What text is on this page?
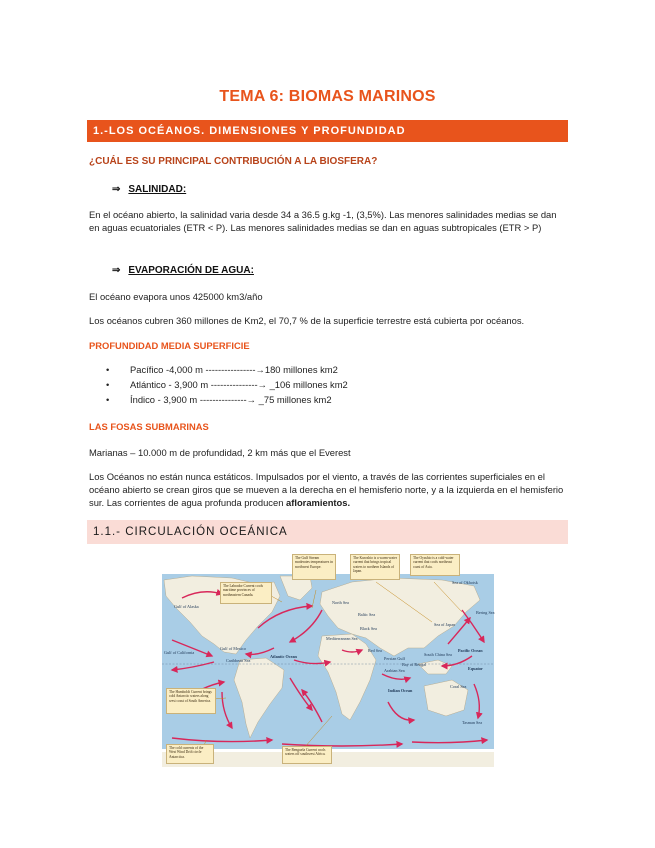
TEMA 6: BIOMAS MARINOS
1.-LOS OCÉANOS. DIMENSIONES Y PROFUNDIDAD
¿CUÁL ES SU PRINCIPAL CONTRIBUCIÓN A LA BIOSFERA?
⇒ SALINIDAD:
En el océano abierto, la salinidad varia desde 34 a 36.5 g.kg -1, (3,5%). Las menores salinidades medias se dan en aguas ecuatoriales (ETR < P). Las menores salinidades medias se dan en aguas subtropicales (ETR > P)
⇒ EVAPORACIÓN DE AGUA:
El océano evapora unos 425000 km3/año
Los océanos cubren 360 millones de Km2, el 70,7 % de la superficie terrestre está cubierta por océanos.
PROFUNDIDAD MEDIA SUPERFICIE
• Pacífico -4,000 m ----------------→180 millones km2
• Atlántico - 3,900 m ---------------→ _106 millones km2
• Índico - 3,900 m ---------------→ _75 millones km2
LAS FOSAS SUBMARINAS
Marianas – 10.000 m de profundidad, 2 km más que el Everest
Los Océanos no están nunca estáticos. Impulsados por el viento, a través de las corrientes superficiales en el océano abierto se crean giros que se mueven a la derecha en el hemisferio norte, y a la izquierda en el hemisferio sur. Las corrientes de agua profunda producen afloramientos.
1.1.- CIRCULACIÓN OCEÁNICA
The Gulf Stream moderates temperatures in northwest Europe.
The Kuroshio is a warm-water current that brings tropical waters to northern Islands of Japan.
The Oyashio is a cold-water current that cools northeast coast of Asia.
The Labrador Current cools maritime provinces of northeastern Canada.
The Humboldt Current brings cold Antarctic waters along west coast of South America.
The cold currents of the West Wind Drift circle Antarctica.
The Benguela Current cools waters off southwest Africa.
Gulf of Alaska
Gulf of California
Gulf of Mexico
Caribbean Sea
Atlantic Ocean
North Sea
Baltic Sea
Black Sea
Mediterranean Sea
Red Sea
Persian Gulf
Arabian Sea
Bay of Bengal
Indian Ocean
South China Sea
Sea of Japan
Sea of Okhotsk
Bering Sea
Pacific Ocean
Equator
Coral Sea
Tasman Sea
